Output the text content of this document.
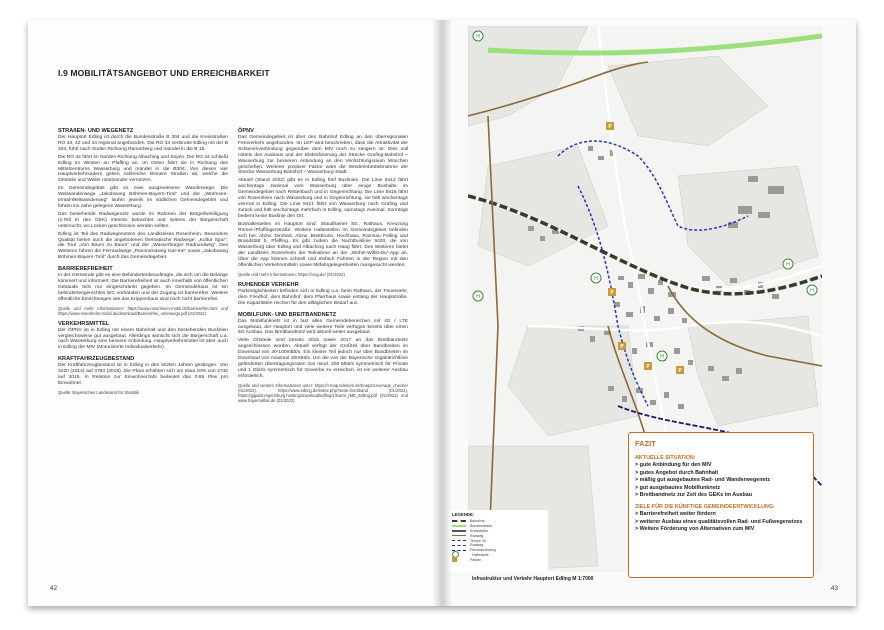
I.9 MOBILITÄTSANGEBOT UND ERREICHBARKEIT
STRAßEN- UND WEGENETZ
Der Hauptort Edling ist durch die Bundesstraße B 304 und die Kreisstraßen RO 34, 42 und 44 regional angebunden. Die RO 34 verbindet Edling mit der B 304, führt nach Süden Richtung Ramerberg und mündet in die B 15.
Die RO 42 führt im Norden Richtung Albaching und Soyen. Die RO 44 schließt Edling im Westen an Pfaffing an. Im Osten führt sie in Richtung des Mittelzentrums Wasserburg und mündet in die B304. Von diesen vier Hauptverkehrsadern gehen zahlreiche kleinere Straßen ab, welche die Ortsteile und Weiler miteinander vernetzen.
Im Gemeindegebiet gibt es zwei ausgewiesene Wanderwege. Die Weitwanderwege „Jakobsweg Böhmen-Bayern-Tirol“ und der „Würmsee-Inntal-Weitwanderweg“ laufen jeweils im südlichen Gemeindegebiet und führen ins nahe gelegene Wasserburg.
Das bestehende Radwegenetz wurde im Rahmen der Bürgerbeteiligung (s.Teil III des GEK) intensiv betrachtet und seitens der Bürgerschaft untersucht, wo Lücken geschlossen werden sollten.
Edling ist Teil des Radwegenetzes des Landkreises Rosenheim. Besondere Qualität bieten auch die angebotenen thematische Radwege: „Kultur Spur“, die Tour „Von Baum zu Baum“ und der „Wasserburger Radrundweg“. Des Weiteren führen die Fernradwege „Panoramaweg Isar-Inn“ sowie „Jakobsweg Böhmen-Bayern-Tirol“ durch das Gemeindegebiet.
BARRIEREFREIHEIT
In der Gemeinde gibt es eine Behindertenbeauftragte, die sich um die Belange kümmert und informiert. Die Barrierefreiheit ist auch innerhalb von öffentlichen Gebäude teils nur eingeschränkt gegeben. Im Gemeindehaus ist ein behindertengerechtes WC vorhanden und der Zugang ist barrierefrei. Weitere öffentliche Einrichtungen wie das Krippenhaus sind noch nicht barrierefrei.
Quelle und mehr Informationen: https://www.rosenheim-mobil.de/barrierefrei.html und https://www.rosenheim-mobil.de/download/Barrierefrei_unterwegs.pdf (01/2022)
VERKEHRSMITTEL
Der ÖPNV ist in Edling mit einem Bahnhalt und den bestehenden Buslinien vergleichsweise gut ausgebaut. Allerdings wünscht sich die Bürgerschaft u.a. nach Wasserburg eine bessere Anbindung. Hauptverkehrsmittel ist aber auch in Edling der MIV (Motorisierte Individualverkehr).
KRAFTFAHRZEUGBESTAND
Der Kraftfahrzeugbestand ist in Edling in den letzten Jahren gestiegen. Von 3420 (2014) auf 3783 (2019). Die Pkws erhöhten sich um etwa 10% von 2740 auf 3015. In Relation zur Einwohnerzahl bedeutet das 0,65 Pkw pro Einwohner.
Quelle: Bayerisches Landesamt für Statistik
ÖPNV
Das Gemeindegebiet ist über den Bahnhof Edling an den überregionalen Fernverkehr angebunden. Im LEP wird beschrieben, dass die Attraktivität der Schienenverbindung gegenüber dem MIV noch zu steigern ist. Dies soll mittels des Ausbaus und der Elektrifizierung der Strecke Grafing-Bahnhof – Wasserburg zur besseren Anbindung an den Verdichtungsraum München geschehen. Weiterer positiver Faktor wäre die Wiederinbetriebnahme der Strecke Wasserburg-Bahnhof – Wasserburg-Stadt.
Aktuell (Stand 2022) gibt es in Edling fünf Buslinien. Die Linie 9412 fährt wochentags zweimal vom Wasserburg über einige Bushalte im Gemeindegebiet nach Rettenbach und in Gegenrichtung. Die Linie 9416 fährt von Rosenheim nach Wasserburg und in Gegenrichtung, sie hält wochentags viermal in Edling. Die Linie 9421 fährt von Wasserburg nach Grafing und zurück und hält wochentags mehrfach in Edling, samstags zweimal. Sonntags bedient keine Buslinie den Ort.
Bushaltestellen im Hauptort sind: Staudhamer Str., Rathaus, Kreuzung Römer-/Pfaffingerstraße. Weitere Haltestellen im Gemeindegebiet befinden sich bei: Abzw. Dirnhart, Abzw. Breitbrunn, Hochhaus, Ramsau Felling und Brandstätt b. Pfaffing. Es gibt zudem die Nachtbuslinie 9420, die von Wasserburg über Edling und Albaching nach Haag fährt. Des Weiteren bietet der Landkreis Rosenheim die Teilnahme an der „Wohin-Willst-Du“-App an. Über die App können schnell und einfach Fahrten in der Region mit den öffentlichen Verkehrsmitteln sowie Mitfahrgelegenheiten rausgesucht werden.
Quelle und mehr Informationen: https://rvog.de/ (01/2022)
RUHENDER VERKEHR
Parkmöglichkeiten befinden sich in Edling u.a. beim Rathaus, der Feuerwehr, dem Friedhof, dem Bahnhof, dem Pfarrhaus sowie entlang der Hauptstraße. Die Kapazitäten reichen für den alltäglichen Bedarf aus.
MOBILFUNK- UND BREITBANDNETZ
Das Mobilfunknetz ist in fast allen Gemeindebereichen mit 4G / LTE ausgebaut, der Hauptort und viele weitere Teile verfügen bereits über einen 5G Ausbau. Das Breitbandnetz wird aktuell weiter ausgebaut.
Viele Ortsteile sind bereits 2015 sowie 2017 an das Breitbandnetz angeschlossen worden. Aktuell verfügt der Großteil über Bandbreiten im Download von 30-100mBit/s. Ein kleiner Teil jedoch nur über Bandbreiten im Download von maximal 30mBit/s. Um die von der Bayerische Gigabitrichtlinie geförderten Übertragungsraten von mind. 200 Mbit/s symmetrisch für Private und 1 Gbit/s symmetrisch für Gewerbe zu erreichen, ist ein weiterer Ausbau erforderlich.
Quelle und weitere Informationen unter: https://t-map.telekom.de/tmap2/coverage_checker (01/2022), https://www.edling.de/index.php?seite=breitband (01/2022), https://gigabit.regensburg.hosting/download/edling/1/Karte_rME_Edling.pdf (01/2022) und www.bayernatlas.de (01/2022)
42
H
H
H
H
H
H
P
P
P
P
P
LEGENDE:
Bahnlinie
Bundesstraße
Kreisstraße
Radweg
Tempo 30
Radweg
Fernwanderweg
Haltestelle
Parken
FAZIT
AKTUELLE SITUATION:
> gute Anbindung für den MIV
> gutes Angebot durch Bahnhalt
> mäßig gut ausgebautes Rad- und Wanderwegenetz
> gut ausgebautes Mobilfunknetz
> Breitbandnetz zur Zeit des GEKs im Ausbau
ZIELE FÜR DIE KÜNFTIGE GEMEINDEENTWICKLUNG:
> Barrierefreiheit weiter fördern
> weiterer Ausbau eines qualitätsvollen Rad- und Fußwegenetzes
> Weitere Förderung von Alternativen zum MIV
Infrastruktur und Verkehr Hauptort Edling M 1:7000
43
